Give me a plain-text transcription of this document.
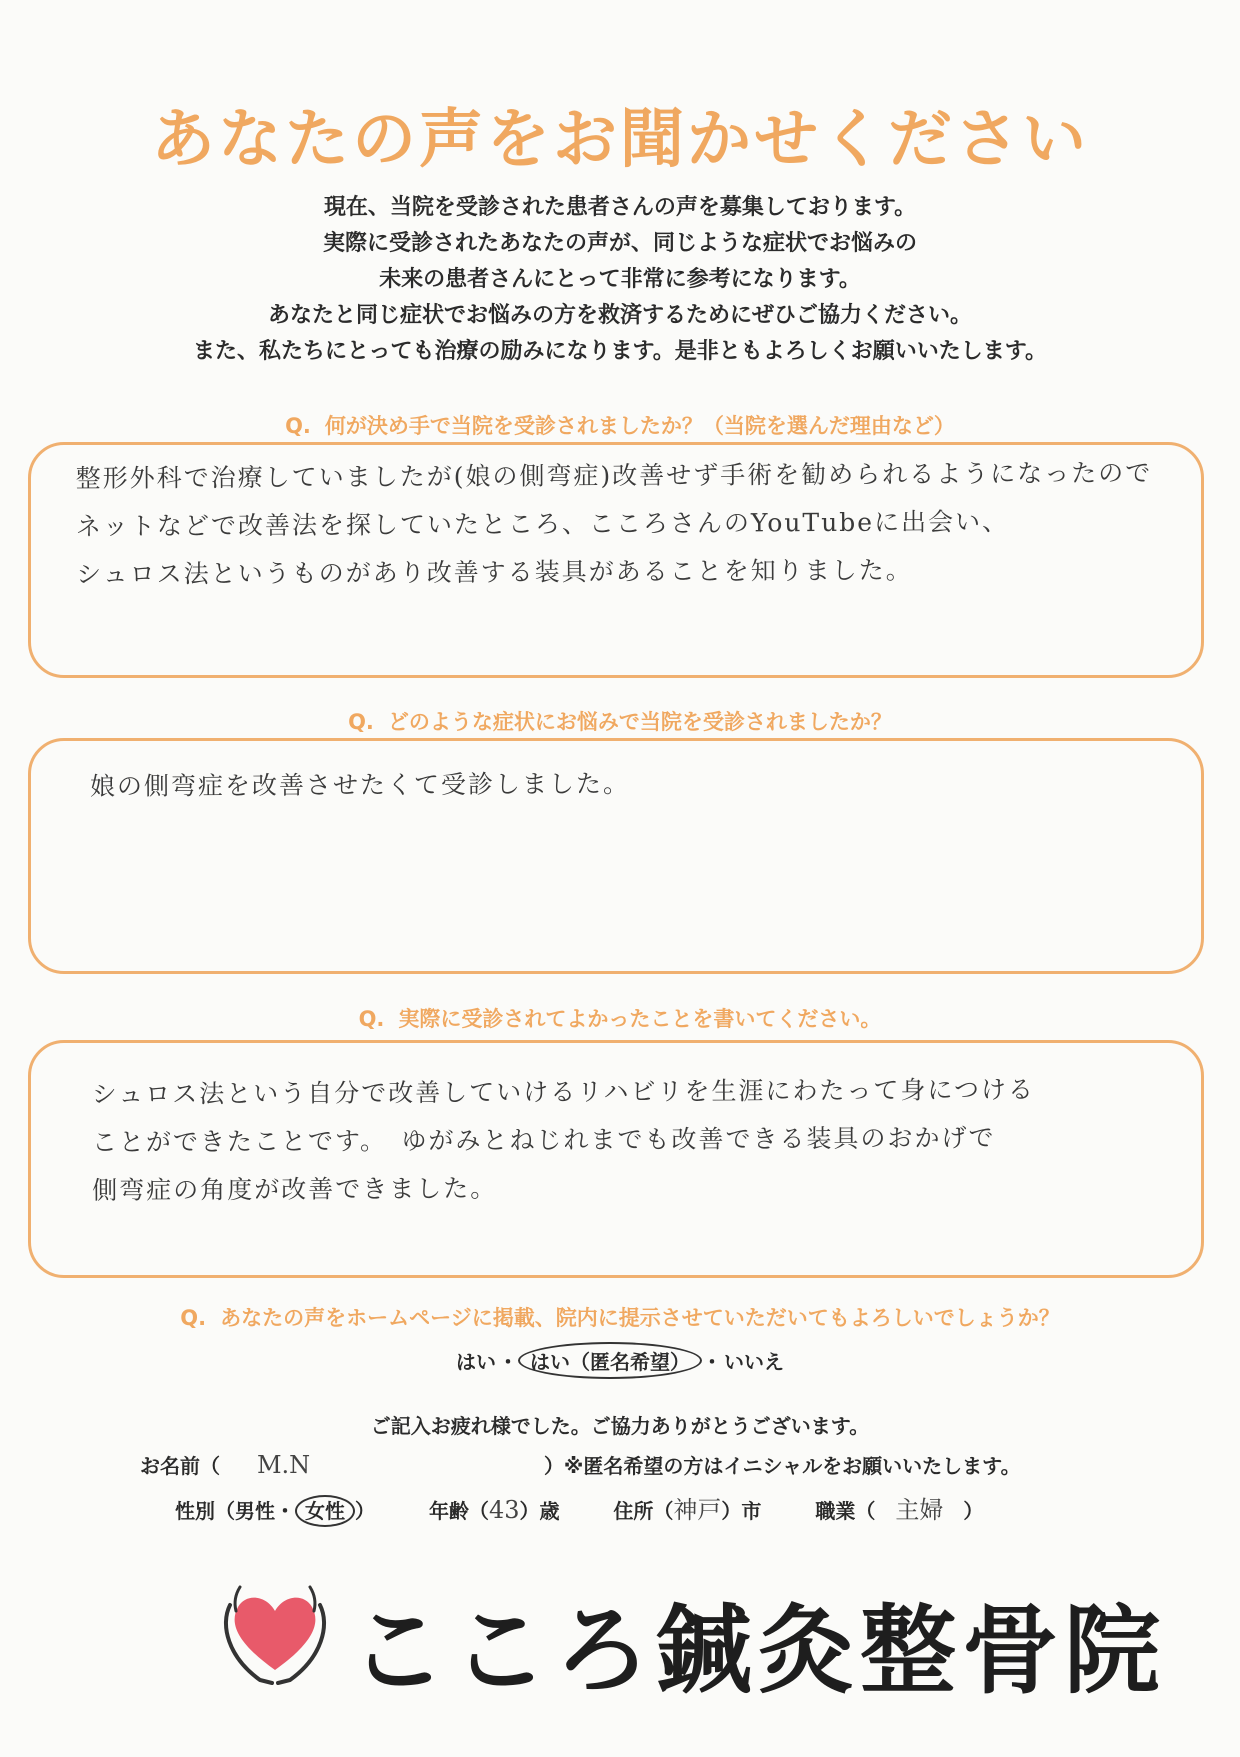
あなたの声をお聞かせください
現在、当院を受診された患者さんの声を募集しております。
実際に受診されたあなたの声が、同じような症状でお悩みの
未来の患者さんにとって非常に参考になります。
あなたと同じ症状でお悩みの方を救済するためにぜひご協力ください。
また、私たちにとっても治療の励みになります。是非ともよろしくお願いいたします。
Q. 何が決め手で当院を受診されましたか？（当院を選んだ理由など）
整形外科で治療していましたが(娘の側弯症)改善せず手術を勧められるようになったので
ネットなどで改善法を探していたところ、こころさんのYouTubeに出会い、
シュロス法というものがあり改善する装具があることを知りました。
Q. どのような症状にお悩みで当院を受診されましたか？
娘の側弯症を改善させたくて受診しました。
Q. 実際に受診されてよかったことを書いてください。
シュロス法という自分で改善していけるリハビリを生涯にわたって身につける
ことができたことです。　ゆがみとねじれまでも改善できる装具のおかげで
側弯症の角度が改善できました。
Q. あなたの声をホームページに掲載、院内に提示させていただいてもよろしいでしょうか？
はい ・ はい（匿名希望） ・ いいえ
ご記入お疲れ様でした。ご協力ありがとうございます。
お名前（ M.N	）※匿名希望の方はイニシャルをお願いいたします。
性別（男性・ 女性 ）	年齢（43）歳	住所（神戸）市	職業（ 主婦 ）
こころ鍼灸整骨院
